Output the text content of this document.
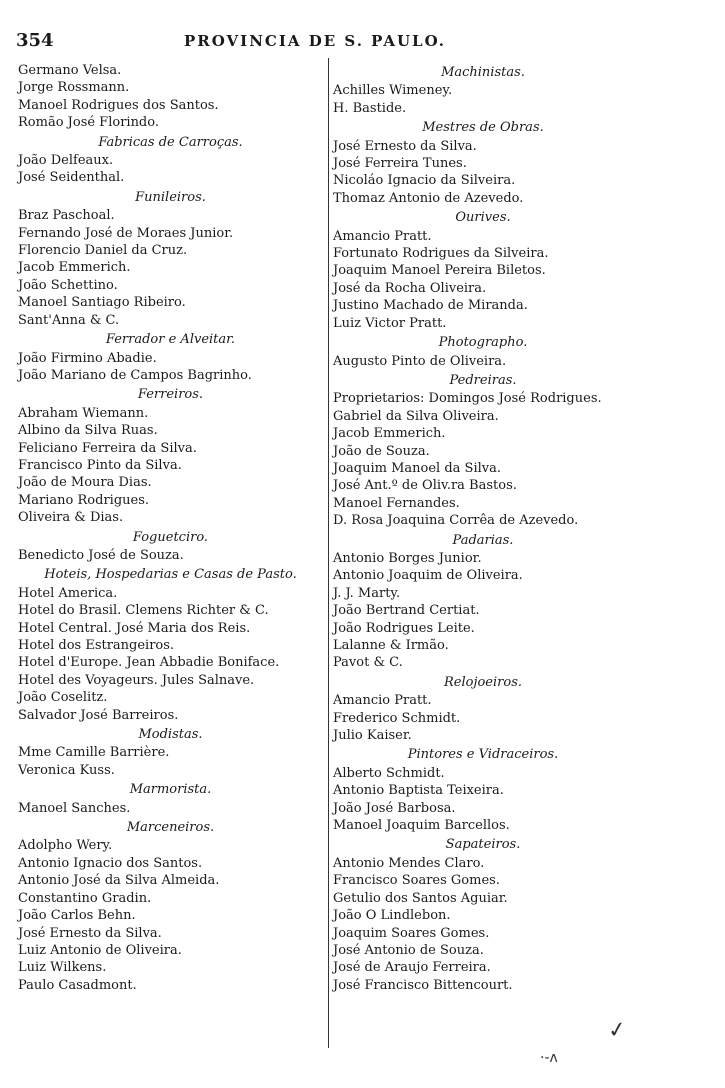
354	PROVINCIA DE S. PAULO.
Germano Velsa.
Jorge Rossmann.
Manoel Rodrigues dos Santos.
Romão José Florindo.
Fabricas de Carroças.
João Delfeaux.
José Seidenthal.
Funileiros.
Braz Paschoal.
Fernando José de Moraes Junior.
Florencio Daniel da Cruz.
Jacob Emmerich.
João Schettino.
Manoel Santiago Ribeiro.
Sant'Anna & C.
Ferrador e Alveitar.
João Firmino Abadie.
João Mariano de Campos Bagrinho.
Ferreiros.
Abraham Wiemann.
Albino da Silva Ruas.
Feliciano Ferreira da Silva.
Francisco Pinto da Silva.
João de Moura Dias.
Mariano Rodrigues.
Oliveira & Dias.
Foguetciro.
Benedicto José de Souza.
Hoteis, Hospedarias e Casas de Pasto.
Hotel America.
Hotel do Brasil. Clemens Richter & C.
Hotel Central. José Maria dos Reis.
Hotel dos Estrangeiros.
Hotel d'Europe. Jean Abbadie Boniface.
Hotel des Voyageurs. Jules Salnave.
João Coselitz.
Salvador José Barreiros.
Modistas.
Mme Camille Barrière.
Veronica Kuss.
Marmorista.
Manoel Sanches.
Marceneiros.
Adolpho Wery.
Antonio Ignacio dos Santos.
Antonio José da Silva Almeida.
Constantino Gradin.
João Carlos Behn.
José Ernesto da Silva.
Luiz Antonio de Oliveira.
Luiz Wilkens.
Paulo Casadmont.
Machinistas.
Achilles Wimeney.
H. Bastide.
Mestres de Obras.
José Ernesto da Silva.
José Ferreira Tunes.
Nicoláo Ignacio da Silveira.
Thomaz Antonio de Azevedo.
Ourives.
Amancio Pratt.
Fortunato Rodrigues da Silveira.
Joaquim Manoel Pereira Biletos.
José da Rocha Oliveira.
Justino Machado de Miranda.
Luiz Victor Pratt.
Photographo.
Augusto Pinto de Oliveira.
Pedreiras.
Proprietarios: Domingos José Rodrigues.
Gabriel da Silva Oliveira.
Jacob Emmerich.
João de Souza.
Joaquim Manoel da Silva.
José Ant.º de Oliv.ra Bastos.
Manoel Fernandes.
D. Rosa Joaquina Corrêa de Azevedo.
Padarias.
Antonio Borges Junior.
Antonio Joaquim de Oliveira.
J. J. Marty.
João Bertrand Certiat.
João Rodrigues Leite.
Lalanne & Irmão.
Pavot & C.
Relojoeiros.
Amancio Pratt.
Frederico Schmidt.
Julio Kaiser.
Pintores e Vidraceiros.
Alberto Schmidt.
Antonio Baptista Teixeira.
João José Barbosa.
Manoel Joaquim Barcellos.
Sapateiros.
Antonio Mendes Claro.
Francisco Soares Gomes.
Getulio dos Santos Aguiar.
João O Lindlebon.
Joaquim Soares Gomes.
José Antonio de Souza.
José de Araujo Ferreira.
José Francisco Bittencourt.
✓
·-ʌ
